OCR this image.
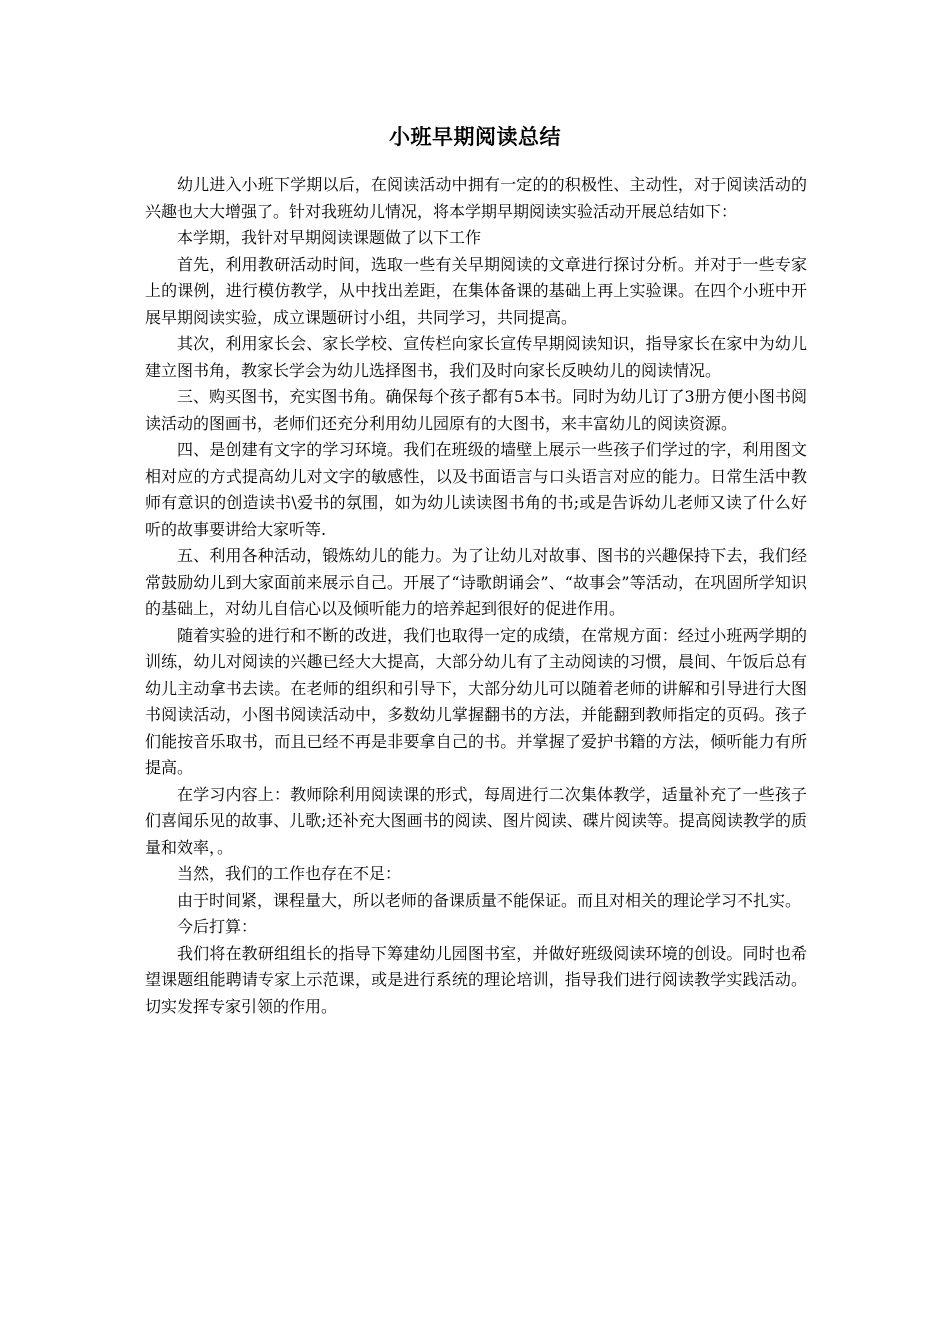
小班早期阅读总结

幼儿进入小班下学期以后，在阅读活动中拥有一定的的积极性、主动性，对于阅读活动的兴趣也大大增强了。针对我班幼儿情况，将本学期早期阅读实验活动开展总结如下：

本学期，我针对早期阅读课题做了以下工作

首先，利用教研活动时间，选取一些有关早期阅读的文章进行探讨分析。并对于一些专家上的课例，进行模仿教学，从中找出差距，在集体备课的基础上再上实验课。在四个小班中开展早期阅读实验，成立课题研讨小组，共同学习，共同提高。

其次，利用家长会、家长学校、宣传栏向家长宣传早期阅读知识，指导家长在家中为幼儿建立图书角，教家长学会为幼儿选择图书，我们及时向家长反映幼儿的阅读情况。

三、购买图书，充实图书角。确保每个孩子都有5本书。同时为幼儿订了3册方便小图书阅读活动的图画书，老师们还充分利用幼儿园原有的大图书，来丰富幼儿的阅读资源。

四、是创建有文字的学习环境。我们在班级的墙壁上展示一些孩子们学过的字，利用图文相对应的方式提高幼儿对文字的敏感性，以及书面语言与口头语言对应的能力。日常生活中教师有意识的创造读书\爱书的氛围，如为幼儿读读图书角的书;或是告诉幼儿老师又读了什么好听的故事要讲给大家听等.

五、利用各种活动，锻炼幼儿的能力。为了让幼儿对故事、图书的兴趣保持下去，我们经常鼓励幼儿到大家面前来展示自己。开展了“诗歌朗诵会”、“故事会”等活动，在巩固所学知识的基础上，对幼儿自信心以及倾听能力的培养起到很好的促进作用。

随着实验的进行和不断的改进，我们也取得一定的成绩，在常规方面：经过小班两学期的训练，幼儿对阅读的兴趣已经大大提高，大部分幼儿有了主动阅读的习惯，晨间、午饭后总有幼儿主动拿书去读。在老师的组织和引导下，大部分幼儿可以随着老师的讲解和引导进行大图书阅读活动，小图书阅读活动中，多数幼儿掌握翻书的方法，并能翻到教师指定的页码。孩子们能按音乐取书，而且已经不再是非要拿自己的书。并掌握了爱护书籍的方法，倾听能力有所提高。

在学习内容上：教师除利用阅读课的形式，每周进行二次集体教学，适量补充了一些孩子们喜闻乐见的故事、儿歌;还补充大图画书的阅读、图片阅读、碟片阅读等。提高阅读教学的质量和效率，。

当然，我们的工作也存在不足：

由于时间紧，课程量大，所以老师的备课质量不能保证。而且对相关的理论学习不扎实。

今后打算：

我们将在教研组组长的指导下筹建幼儿园图书室，并做好班级阅读环境的创设。同时也希望课题组能聘请专家上示范课，或是进行系统的理论培训，指导我们进行阅读教学实践活动。切实发挥专家引领的作用。
